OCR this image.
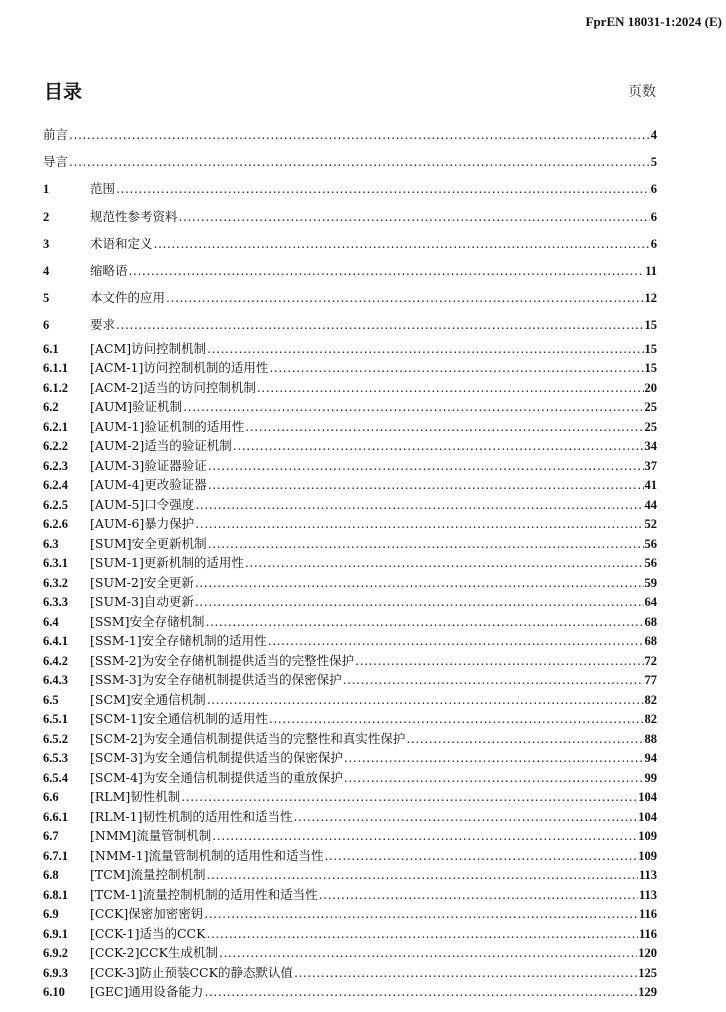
FprEN 18031-1:2024 (E)
目录	页数
前言 .....	4
导言 .....	5
1	范围 .....	6
2	规范性参考资料 .....	6
3	术语和定义 .....	6
4	缩略语 .....	11
5	本文件的应用 .....	12
6	要求 .....	15
6.1	[ACM]访问控制机制 .....	15
6.1.1	[ACM-1]访问控制机制的适用性 .....	15
6.1.2	[ACM-2]适当的访问控制机制 .....	20
6.2	[AUM]验证机制 .....	25
6.2.1	[AUM-1]验证机制的适用性 .....	25
6.2.2	[AUM-2]适当的验证机制 .....	34
6.2.3	[AUM-3]验证器验证 .....	37
6.2.4	[AUM-4]更改验证器 .....	41
6.2.5	[AUM-5]口令强度 .....	44
6.2.6	[AUM-6]暴力保护 .....	52
6.3	[SUM]安全更新机制 .....	56
6.3.1	[SUM-1]更新机制的适用性 .....	56
6.3.2	[SUM-2]安全更新 .....	59
6.3.3	[SUM-3]自动更新 .....	64
6.4	[SSM]安全存储机制 .....	68
6.4.1	[SSM-1]安全存储机制的适用性 .....	68
6.4.2	[SSM-2]为安全存储机制提供适当的完整性保护 .....	72
6.4.3	[SSM-3]为安全存储机制提供适当的保密保护 .....	77
6.5	[SCM]安全通信机制 .....	82
6.5.1	[SCM-1]安全通信机制的适用性 .....	82
6.5.2	[SCM-2]为安全通信机制提供适当的完整性和真实性保护 .....	88
6.5.3	[SCM-3]为安全通信机制提供适当的保密保护 .....	94
6.5.4	[SCM-4]为安全通信机制提供适当的重放保护 .....	99
6.6	[RLM]韧性机制 .....	104
6.6.1	[RLM-1]韧性机制的适用性和适当性 .....	104
6.7	[NMM]流量管制机制 .....	109
6.7.1	[NMM-1]流量管制机制的适用性和适当性 .....	109
6.8	[TCM]流量控制机制 .....	113
6.8.1	[TCM-1]流量控制机制的适用性和适当性 .....	113
6.9	[CCK]保密加密密钥 .....	116
6.9.1	[CCK-1]适当的CCK .....	116
6.9.2	[CCK-2]CCK生成机制 .....	120
6.9.3	[CCK-3]防止预装CCK的静态默认值 .....	125
6.10	[GEC]通用设备能力 .....	129
